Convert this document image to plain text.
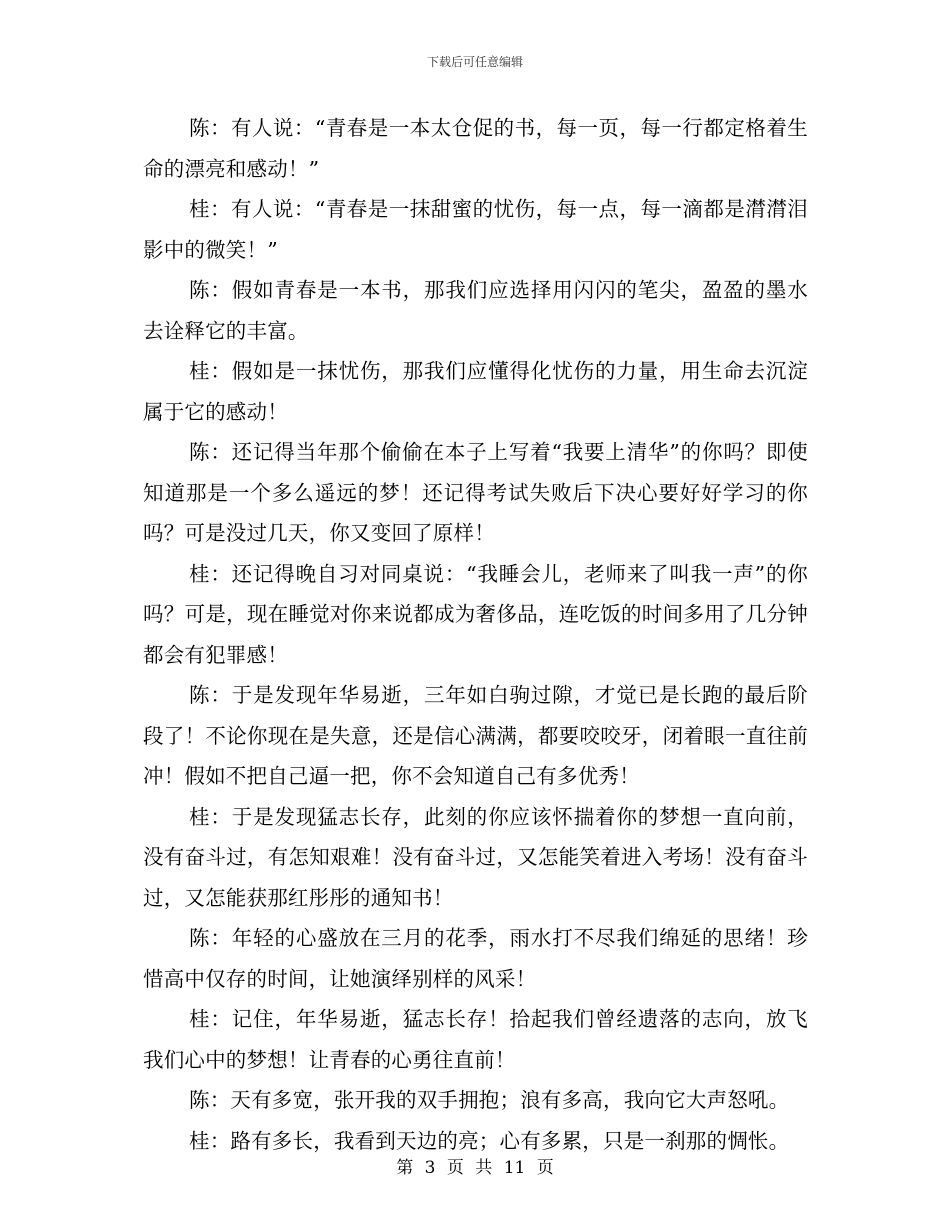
下载后可任意编辑

陈：有人说：“青春是一本太仓促的书，每一页，每一行都定格着生命的漂亮和感动！”

桂：有人说：“青春是一抹甜蜜的忧伤，每一点，每一滴都是潸潸泪影中的微笑！”

陈：假如青春是一本书，那我们应选择用闪闪的笔尖，盈盈的墨水去诠释它的丰富。

桂：假如是一抹忧伤，那我们应懂得化忧伤的力量，用生命去沉淀属于它的感动！

陈：还记得当年那个偷偷在本子上写着“我要上清华”的你吗？即使知道那是一个多么遥远的梦！还记得考试失败后下决心要好好学习的你吗？可是没过几天，你又变回了原样！

桂：还记得晚自习对同桌说：“我睡会儿，老师来了叫我一声”的你吗？可是，现在睡觉对你来说都成为奢侈品，连吃饭的时间多用了几分钟都会有犯罪感！

陈：于是发现年华易逝，三年如白驹过隙，才觉已是长跑的最后阶段了！不论你现在是失意，还是信心满满，都要咬咬牙，闭着眼一直往前冲！假如不把自己逼一把，你不会知道自己有多优秀！

桂：于是发现猛志长存，此刻的你应该怀揣着你的梦想一直向前，没有奋斗过，有怎知艰难！没有奋斗过，又怎能笑着进入考场！没有奋斗过，又怎能获那红彤彤的通知书！

陈：年轻的心盛放在三月的花季，雨水打不尽我们绵延的思绪！珍惜高中仅存的时间，让她演绎别样的风采！

桂：记住，年华易逝，猛志长存！拾起我们曾经遗落的志向，放飞我们心中的梦想！让青春的心勇往直前！

陈：天有多宽，张开我的双手拥抱；浪有多高，我向它大声怒吼。

桂：路有多长，我看到天边的亮；心有多累，只是一刹那的惆怅。

第 3 页 共 11 页
